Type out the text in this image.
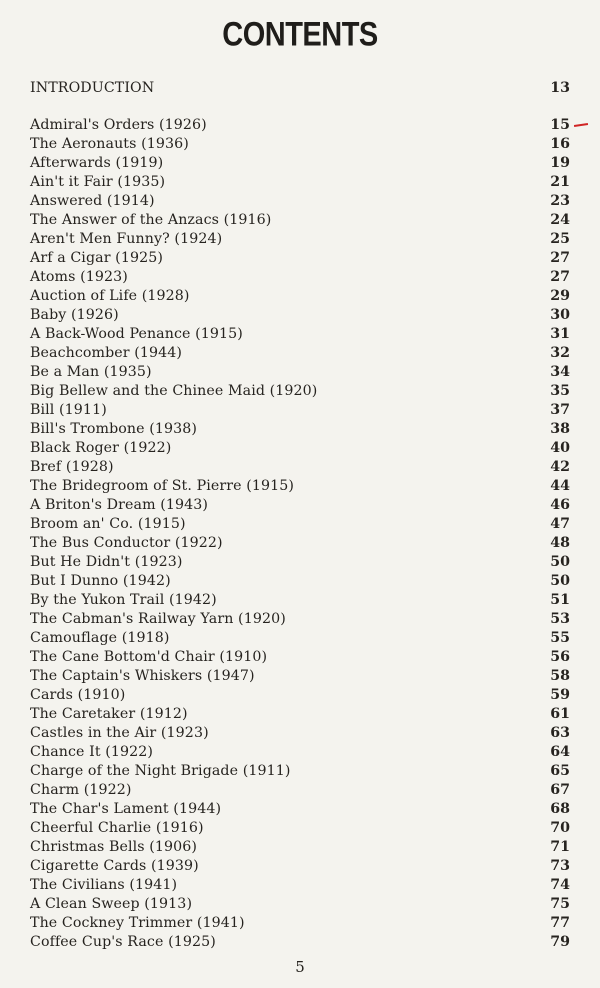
CONTENTS
INTRODUCTION	13
Admiral's Orders (1926)	15
The Aeronauts (1936)	16
Afterwards (1919)	19
Ain't it Fair (1935)	21
Answered (1914)	23
The Answer of the Anzacs (1916)	24
Aren't Men Funny? (1924)	25
Arf a Cigar (1925)	27
Atoms (1923)	27
Auction of Life (1928)	29
Baby (1926)	30
A Back-Wood Penance (1915)	31
Beachcomber (1944)	32
Be a Man (1935)	34
Big Bellew and the Chinee Maid (1920)	35
Bill (1911)	37
Bill's Trombone (1938)	38
Black Roger (1922)	40
Bref (1928)	42
The Bridegroom of St. Pierre (1915)	44
A Briton's Dream (1943)	46
Broom an' Co. (1915)	47
The Bus Conductor (1922)	48
But He Didn't (1923)	50
But I Dunno (1942)	50
By the Yukon Trail (1942)	51
The Cabman's Railway Yarn (1920)	53
Camouflage (1918)	55
The Cane Bottom'd Chair (1910)	56
The Captain's Whiskers (1947)	58
Cards (1910)	59
The Caretaker (1912)	61
Castles in the Air (1923)	63
Chance It (1922)	64
Charge of the Night Brigade (1911)	65
Charm (1922)	67
The Char's Lament (1944)	68
Cheerful Charlie (1916)	70
Christmas Bells (1906)	71
Cigarette Cards (1939)	73
The Civilians (1941)	74
A Clean Sweep (1913)	75
The Cockney Trimmer (1941)	77
Coffee Cup's Race (1925)	79
5
